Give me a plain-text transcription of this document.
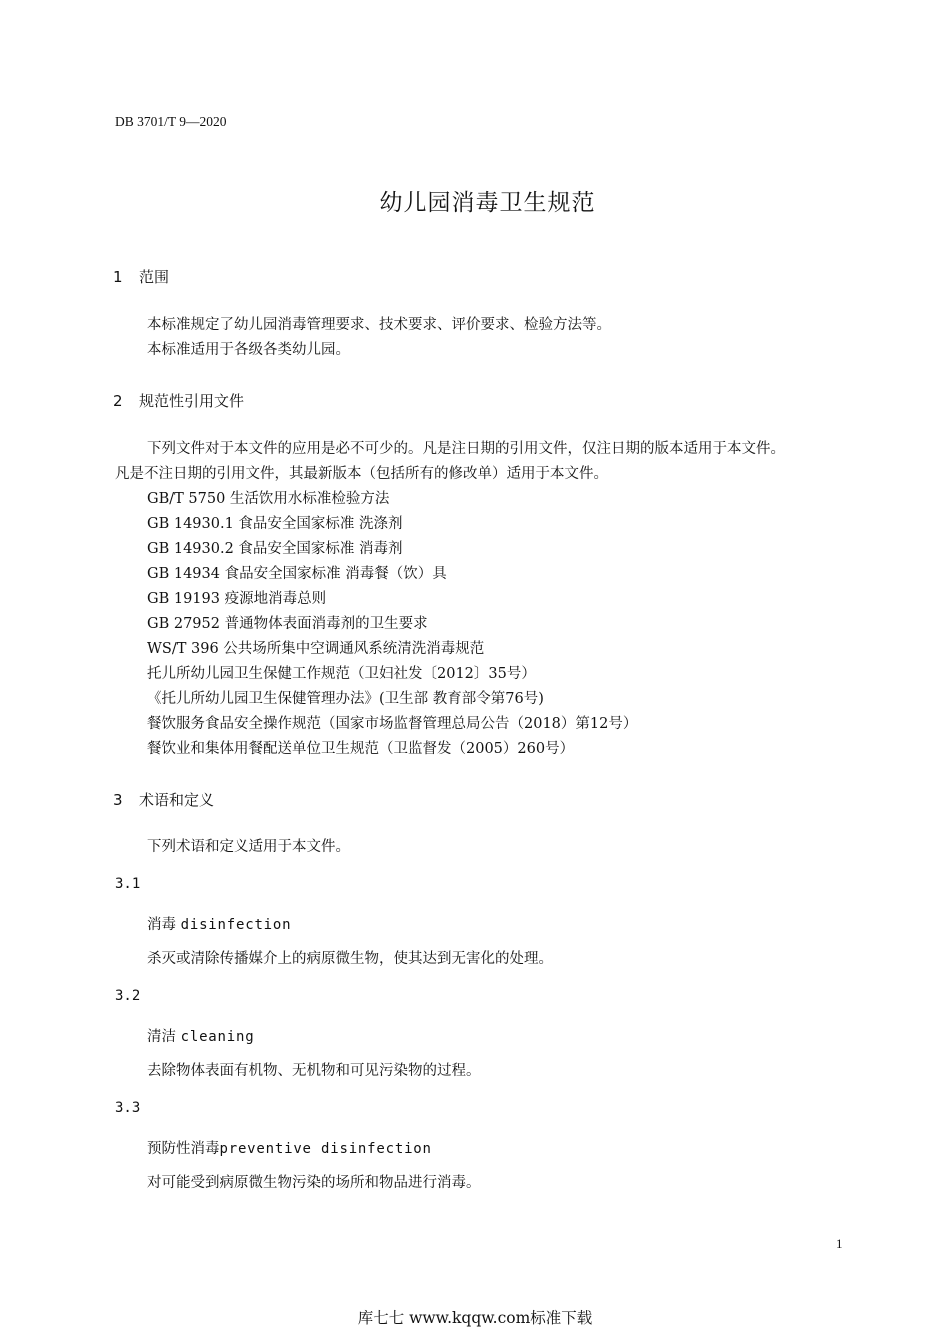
DB 3701/T 9—2020
幼儿园消毒卫生规范
1 范围
本标准规定了幼儿园消毒管理要求、技术要求、评价要求、检验方法等。
本标准适用于各级各类幼儿园。
2 规范性引用文件
下列文件对于本文件的应用是必不可少的。凡是注日期的引用文件，仅注日期的版本适用于本文件。
凡是不注日期的引用文件，其最新版本（包括所有的修改单）适用于本文件。
GB/T 5750 生活饮用水标准检验方法
GB 14930.1 食品安全国家标准 洗涤剂
GB 14930.2 食品安全国家标准 消毒剂
GB 14934 食品安全国家标准 消毒餐（饮）具
GB 19193 疫源地消毒总则
GB 27952 普通物体表面消毒剂的卫生要求
WS/T 396 公共场所集中空调通风系统清洗消毒规范
托儿所幼儿园卫生保健工作规范（卫妇社发〔2012〕35号）
《托儿所幼儿园卫生保健管理办法》(卫生部 教育部令第76号)
餐饮服务食品安全操作规范（国家市场监督管理总局公告（2018）第12号）
餐饮业和集体用餐配送单位卫生规范（卫监督发（2005）260号）
3 术语和定义
下列术语和定义适用于本文件。
3.1
消毒 disinfection
杀灭或清除传播媒介上的病原微生物，使其达到无害化的处理。
3.2
清洁 cleaning
去除物体表面有机物、无机物和可见污染物的过程。
3.3
预防性消毒preventive disinfection
对可能受到病原微生物污染的场所和物品进行消毒。
1
库七七 www.kqqw.com标准下载
